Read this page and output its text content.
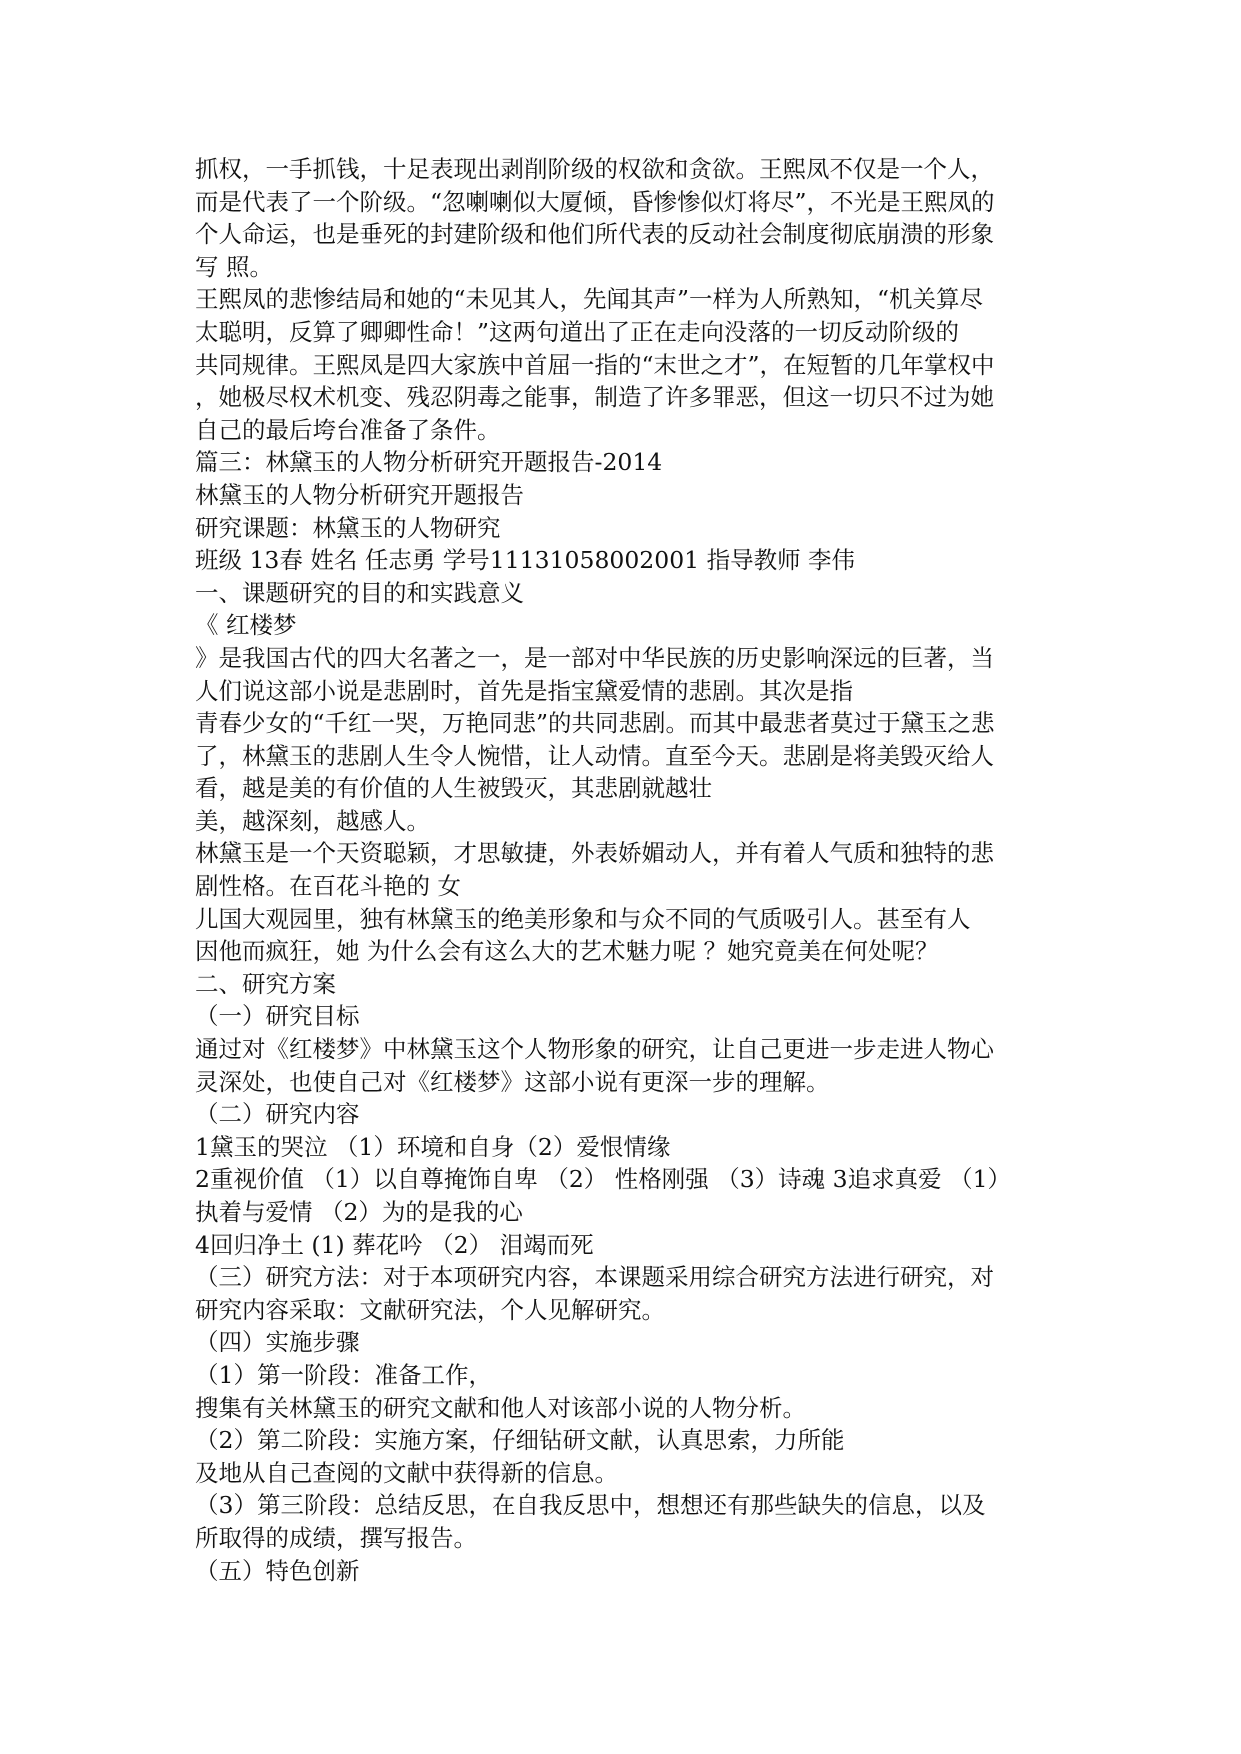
抓权，一手抓钱，十足表现出剥削阶级的权欲和贪欲。王熙凤不仅是一个人，
而是代表了一个阶级。“忽喇喇似大厦倾，昏惨惨似灯将尽”，不光是王熙凤的
个人命运，也是垂死的封建阶级和他们所代表的反动社会制度彻底崩溃的形象
写 照。
王熙凤的悲惨结局和她的“未见其人，先闻其声”一样为人所熟知，“机关算尽
太聪明，反算了卿卿性命！”这两句道出了正在走向没落的一切反动阶级的
共同规律。王熙凤是四大家族中首屈一指的“末世之才”，在短暂的几年掌权中
，她极尽权术机变、残忍阴毒之能事，制造了许多罪恶，但这一切只不过为她
自己的最后垮台准备了条件。
篇三：林黛玉的人物分析研究开题报告-2014
林黛玉的人物分析研究开题报告
研究课题：林黛玉的人物研究
班级 13春 姓名 任志勇 学号11131058002001 指导教师 李伟
一、课题研究的目的和实践意义
《 红楼梦
》是我国古代的四大名著之一，是一部对中华民族的历史影响深远的巨著，当
人们说这部小说是悲剧时，首先是指宝黛爱情的悲剧。其次是指
青春少女的“千红一哭，万艳同悲”的共同悲剧。而其中最悲者莫过于黛玉之悲
了，林黛玉的悲剧人生令人惋惜，让人动情。直至今天。悲剧是将美毁灭给人
看，越是美的有价值的人生被毁灭，其悲剧就越壮
美，越深刻，越感人。
林黛玉是一个天资聪颖，才思敏捷，外表娇媚动人，并有着人气质和独特的悲
剧性格。在百花斗艳的 女
儿国大观园里，独有林黛玉的绝美形象和与众不同的气质吸引人。甚至有人
因他而疯狂，她 为什么会有这么大的艺术魅力呢 ？她究竟美在何处呢？
二、研究方案
（一）研究目标
通过对《红楼梦》中林黛玉这个人物形象的研究，让自己更进一步走进人物心
灵深处，也使自己对《红楼梦》这部小说有更深一步的理解。
（二）研究内容
1黛玉的哭泣 （1）环境和自身（2）爱恨情缘
2重视价值 （1）以自尊掩饰自卑 （2） 性格刚强 （3）诗魂 3追求真爱 （1）
执着与爱情 （2）为的是我的心
4回归净土 (1) 葬花吟 （2） 泪竭而死
（三）研究方法：对于本项研究内容，本课题采用综合研究方法进行研究，对
研究内容采取：文献研究法，个人见解研究。
（四）实施步骤
（1）第一阶段：准备工作，
搜集有关林黛玉的研究文献和他人对该部小说的人物分析。
（2）第二阶段：实施方案，仔细钻研文献，认真思索，力所能
及地从自己查阅的文献中获得新的信息。
（3）第三阶段：总结反思，在自我反思中，想想还有那些缺失的信息，以及
所取得的成绩，撰写报告。
（五）特色创新
